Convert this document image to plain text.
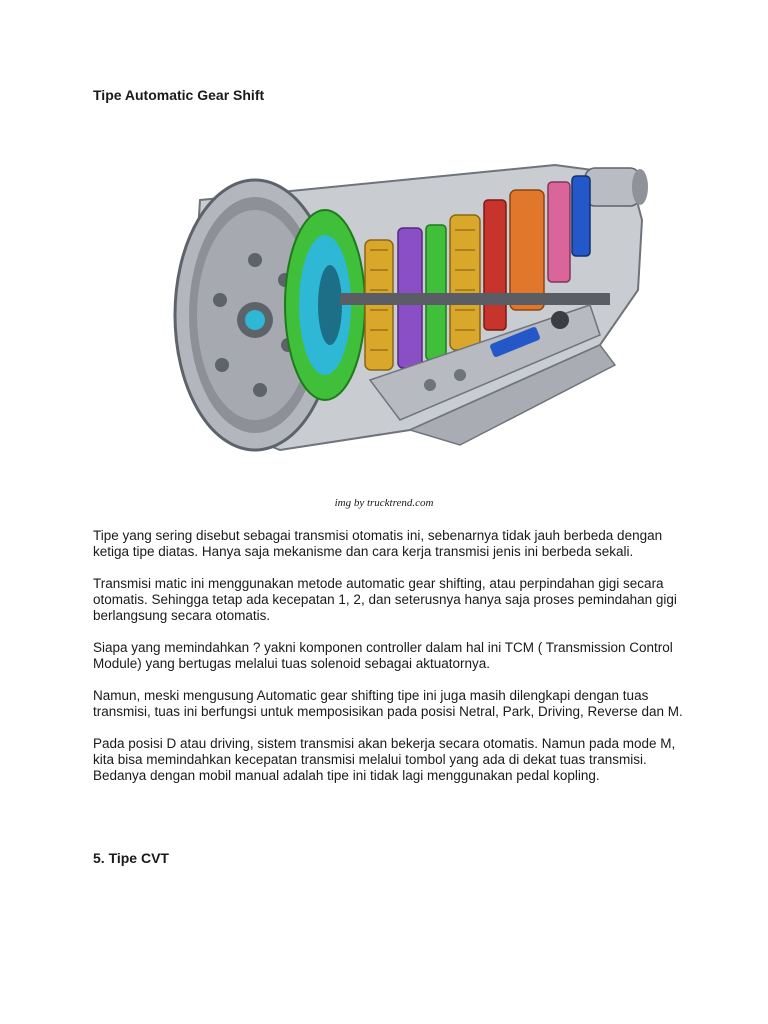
Tipe Automatic Gear Shift

img by trucktrend.com

Tipe yang sering disebut sebagai transmisi otomatis ini, sebenarnya tidak jauh berbeda dengan ketiga tipe diatas. Hanya saja mekanisme dan cara kerja transmisi jenis ini berbeda sekali.

Transmisi matic ini menggunakan metode automatic gear shifting, atau perpindahan gigi secara otomatis. Sehingga tetap ada kecepatan 1, 2, dan seterusnya hanya saja proses pemindahan gigi berlangsung secara otomatis.

Siapa yang memindahkan ? yakni komponen controller dalam hal ini TCM ( Transmission Control Module) yang bertugas melalui tuas solenoid sebagai aktuatornya.

Namun, meski mengusung Automatic gear shifting tipe ini juga masih dilengkapi dengan tuas transmisi, tuas ini berfungsi untuk memposisikan pada posisi Netral, Park, Driving, Reverse dan M.

Pada posisi D atau driving, sistem transmisi akan bekerja secara otomatis. Namun pada mode M, kita bisa memindahkan kecepatan transmisi melalui tombol yang ada di dekat tuas transmisi. Bedanya dengan mobil manual adalah tipe ini tidak lagi menggunakan pedal kopling.

5. Tipe CVT
